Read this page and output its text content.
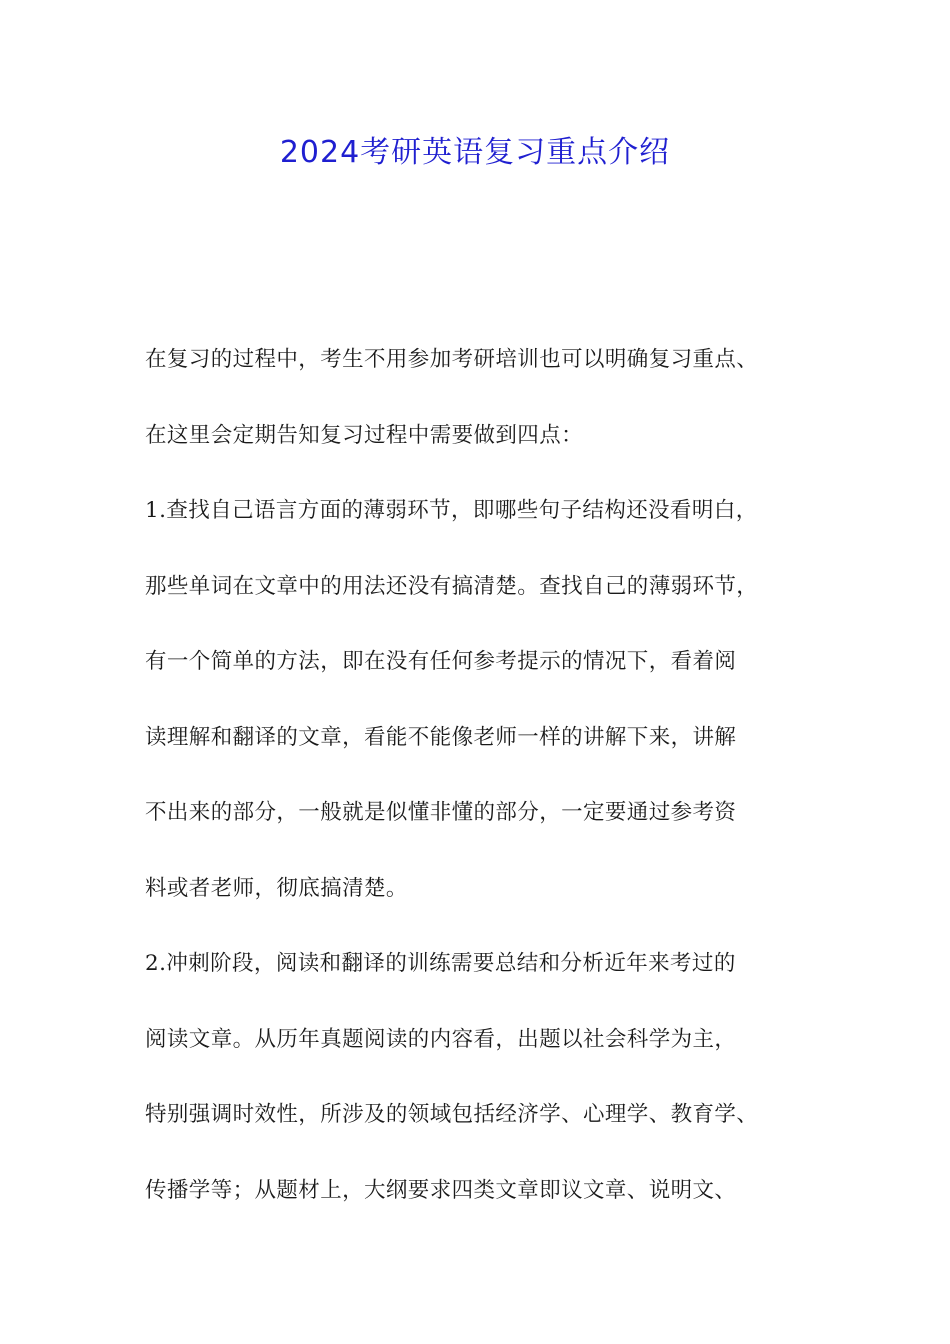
2024考研英语复习重点介绍
在复习的过程中，考生不用参加考研培训也可以明确复习重点、
在这里会定期告知复习过程中需要做到四点：
1.查找自己语言方面的薄弱环节，即哪些句子结构还没看明白，
那些单词在文章中的用法还没有搞清楚。查找自己的薄弱环节，
有一个简单的方法，即在没有任何参考提示的情况下，看着阅
读理解和翻译的文章，看能不能像老师一样的讲解下来，讲解
不出来的部分，一般就是似懂非懂的部分，一定要通过参考资
料或者老师，彻底搞清楚。
2.冲刺阶段，阅读和翻译的训练需要总结和分析近年来考过的
阅读文章。从历年真题阅读的内容看，出题以社会科学为主，
特别强调时效性，所涉及的领域包括经济学、心理学、教育学、
传播学等；从题材上，大纲要求四类文章即议文章、说明文、
